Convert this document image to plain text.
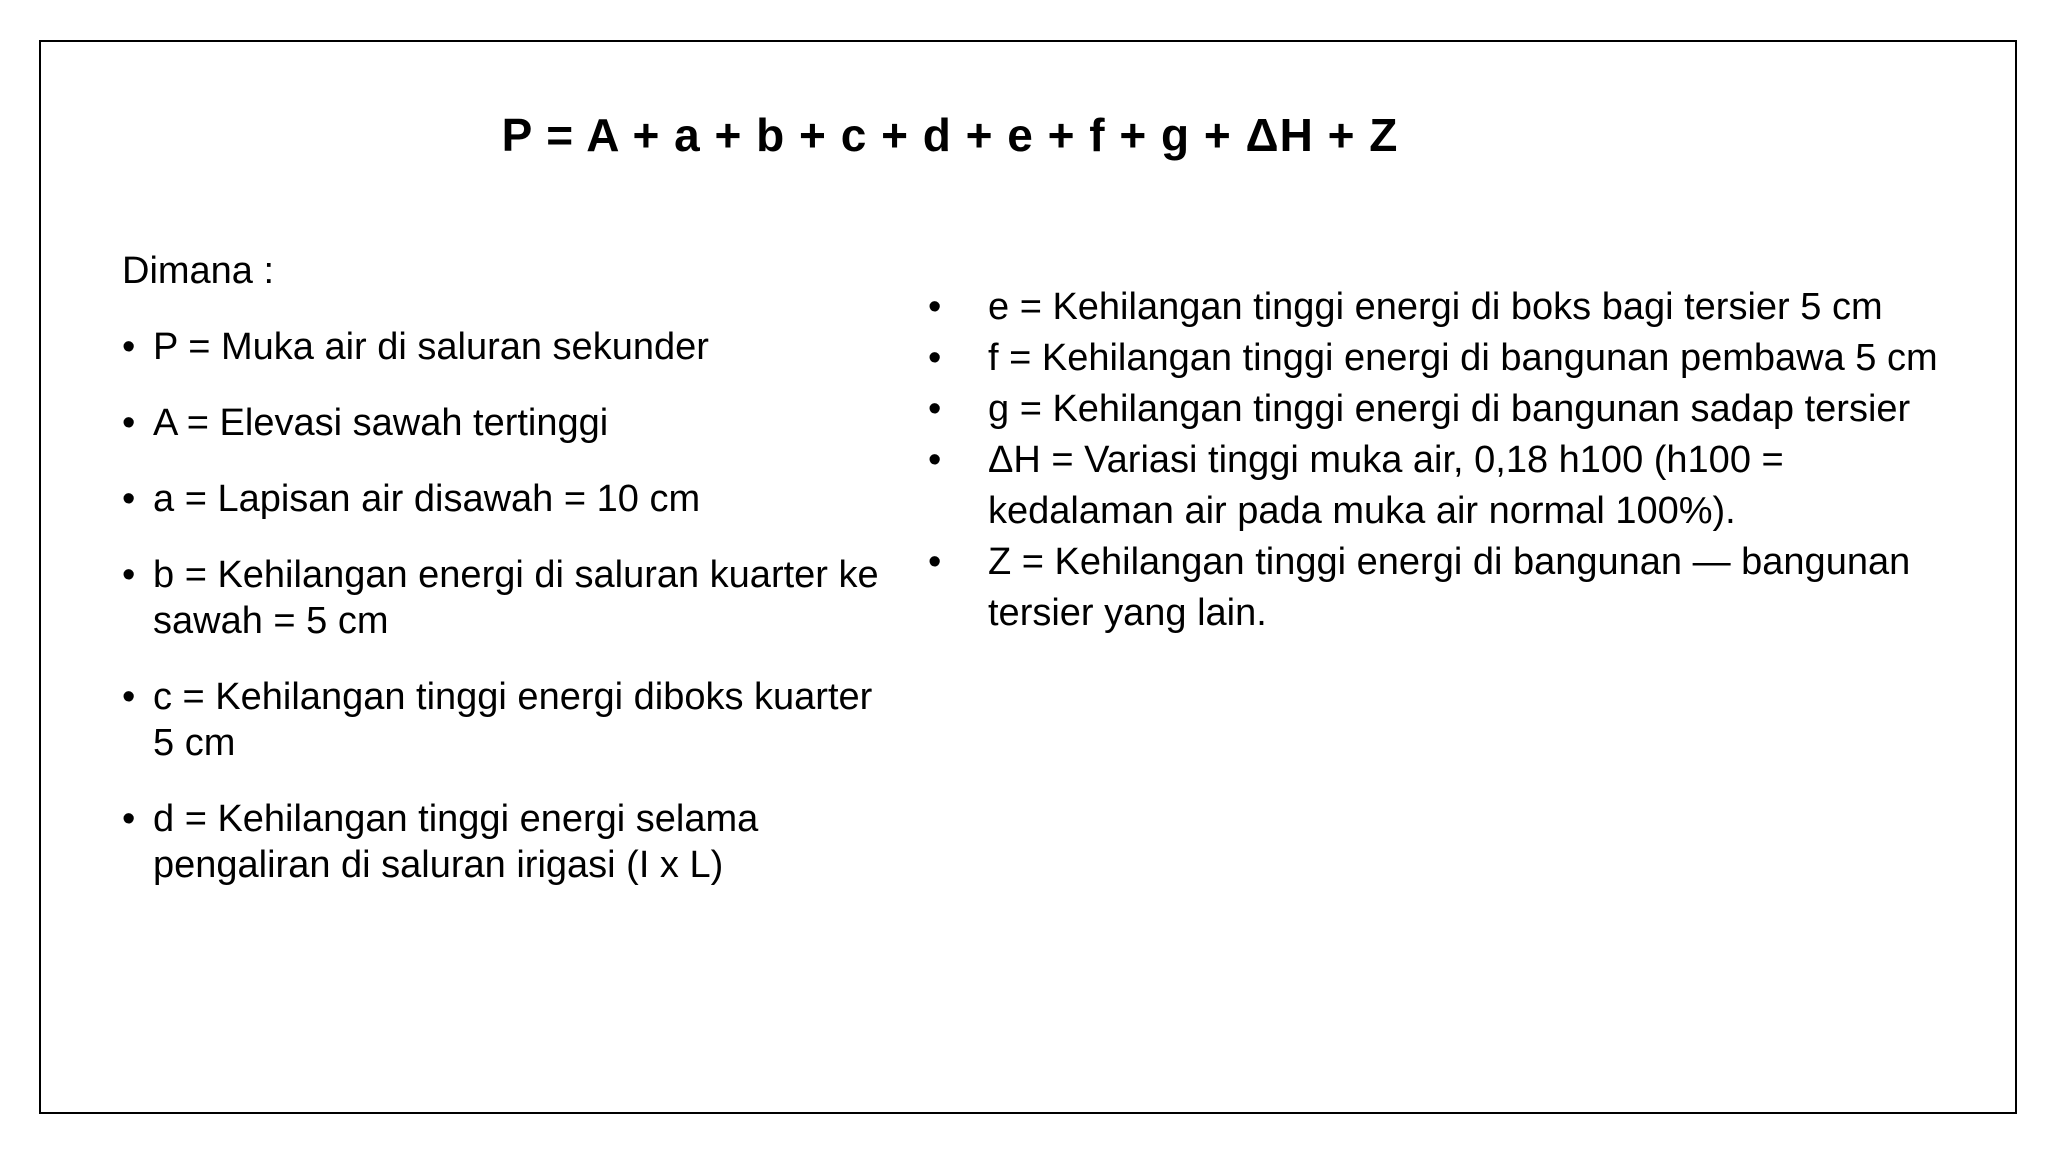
P = A + a + b + c + d + e + f + g + ΔH + Z
Dimana :
• P = Muka air di saluran sekunder
• A = Elevasi sawah tertinggi
• a = Lapisan air disawah = 10 cm
• b = Kehilangan energi di saluran kuarter ke sawah = 5 cm
• c = Kehilangan tinggi energi diboks kuarter 5 cm
• d = Kehilangan tinggi energi selama pengaliran di saluran irigasi (I x L)
• e = Kehilangan tinggi energi di boks bagi tersier 5 cm
• f = Kehilangan tinggi energi di bangunan pembawa 5 cm
• g = Kehilangan tinggi energi di bangunan sadap tersier
• ΔH = Variasi tinggi muka air, 0,18 h100 (h100 = kedalaman air pada muka air normal 100%).
• Z = Kehilangan tinggi energi di bangunan — bangunan tersier yang lain.
